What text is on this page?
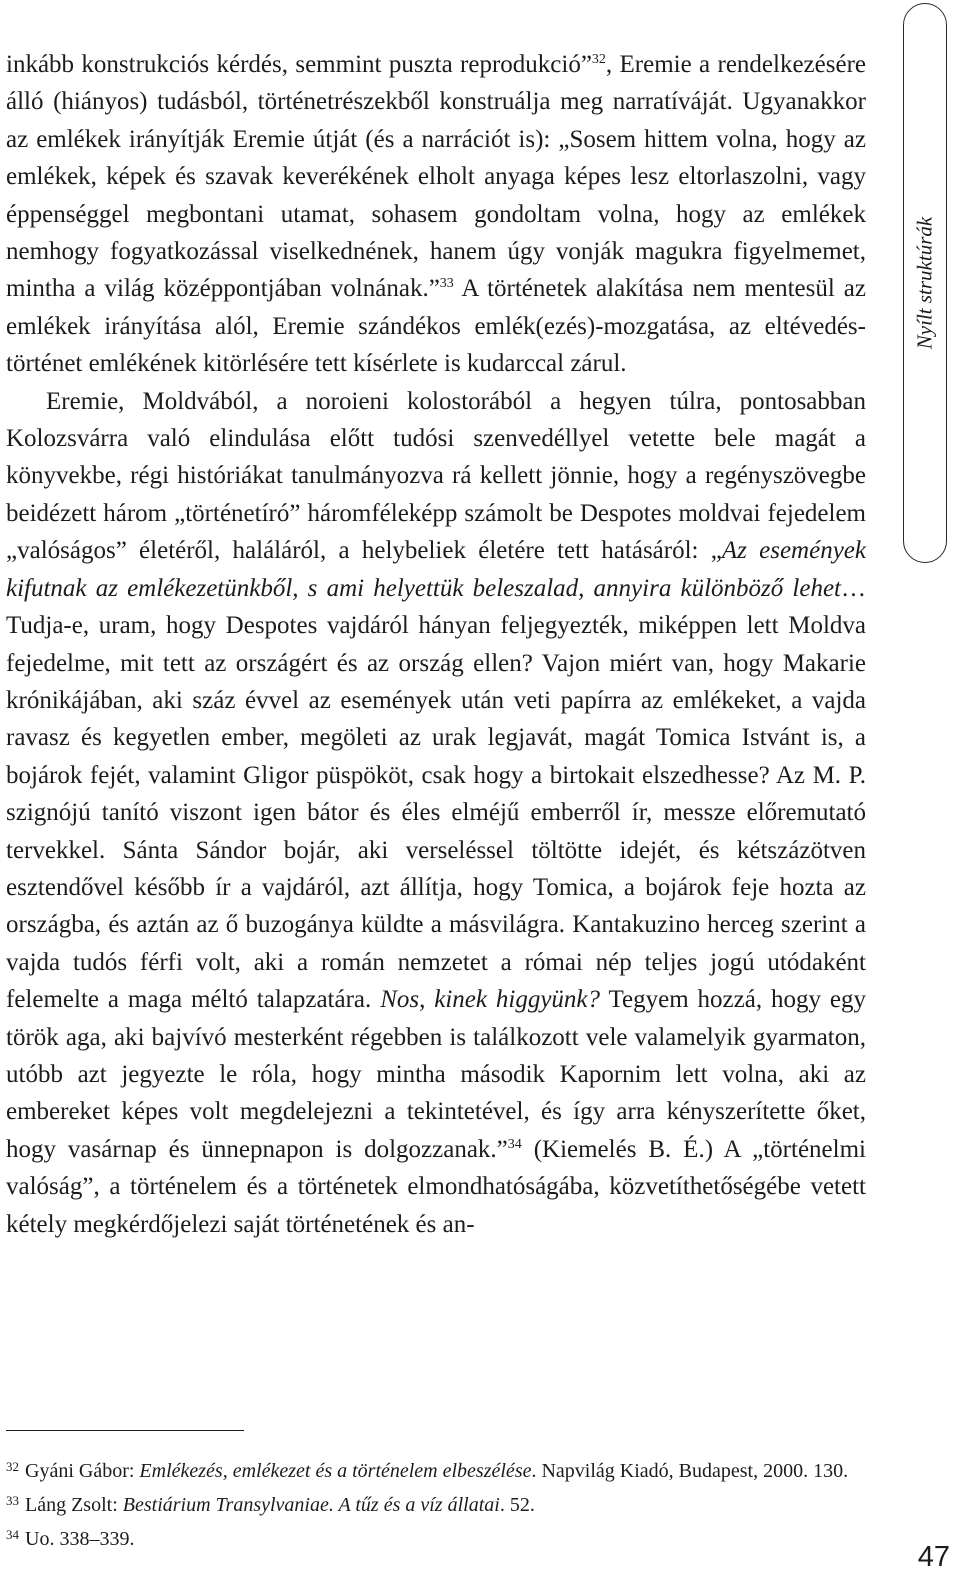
Nyílt struktúrák

inkább konstrukciós kérdés, semmint puszta reprodukció”$^{32}$, Eremie a rendelkezésére álló (hiányos) tudásból, történetrészekből konstruálja meg narratíváját. Ugyanakkor az emlékek irányítják Eremie útját (és a narrációt is): „Sosem hittem volna, hogy az emlékek, képek és szavak keverékének elholt anyaga képes lesz eltorlaszolni, vagy éppenséggel megbontani utamat, sohasem gondoltam volna, hogy az emlékek nemhogy fogyatkozással viselkednének, hanem úgy vonják magukra figyelmemet, mintha a világ középpontjában volnának.”$^{33}$ A történetek alakítása nem mentesül az emlékek irányítása alól, Eremie szándékos emlék(ezés)-mozgatása, az eltévedés-történet emlékének kitörlésére tett kísérlete is kudarccal zárul.

Eremie, Moldvából, a noroieni kolostorából a hegyen túlra, pontosabban Kolozsvárra való elindulása előtt tudósi szenvedéllyel vetette bele magát a könyvekbe, régi históriákat tanulmányozva rá kellett jönnie, hogy a regényszövegbe beidézett három „történetíró” háromféleképp számolt be Despotes moldvai fejedelem „valóságos” életéről, haláláról, a helybeliek életére tett hatásáról: „Az események kifutnak az emlékezetünkből, s ami helyettük beleszalad, annyira különböző lehet… Tudja-e, uram, hogy Despotes vajdáról hányan feljegyezték, miképpen lett Moldva fejedelme, mit tett az országért és az ország ellen? Vajon miért van, hogy Makarie krónikájában, aki száz évvel az események után veti papírra az emlékeket, a vajda ravasz és kegyetlen ember, megöleti az urak legjavát, magát Tomica Istvánt is, a bojárok fejét, valamint Gligor püspököt, csak hogy a birtokait elszedhesse? Az M. P. szignójú tanító viszont igen bátor és éles elméjű emberről ír, messze előremutató tervekkel. Sánta Sándor bojár, aki verseléssel töltötte idejét, és kétszázötven esztendővel később ír a vajdáról, azt állítja, hogy Tomica, a bojárok feje hozta az országba, és aztán az ő buzogánya küldte a másvilágra. Kantakuzino herceg szerint a vajda tudós férfi volt, aki a román nemzetet a római nép teljes jogú utódaként felemelte a maga méltó talapzatára. Nos, kinek higgyünk? Tegyem hozzá, hogy egy török aga, aki bajvívó mesterként régebben is találkozott vele valamelyik gyarmaton, utóbb azt jegyezte le róla, hogy mintha második Kapornim lett volna, aki az embereket képes volt megdelejezni a tekintetével, és így arra kényszerítette őket, hogy vasárnap és ünnepnapon is dolgozzanak.”$^{34}$ (Kiemelés B. É.) A „történelmi valóság”, a történelem és a történetek elmondhatóságába, közvetíthetőségébe vetett kétely megkérdőjelezi saját történetének és an-

$^{32}$ Gyáni Gábor: Emlékezés, emlékezet és a történelem elbeszélése. Napvilág Kiadó, Budapest, 2000. 130.

$^{33}$ Láng Zsolt: Bestiárium Transylvaniae. A tűz és a víz állatai. 52.

$^{34}$ Uo. 338–339.

47
